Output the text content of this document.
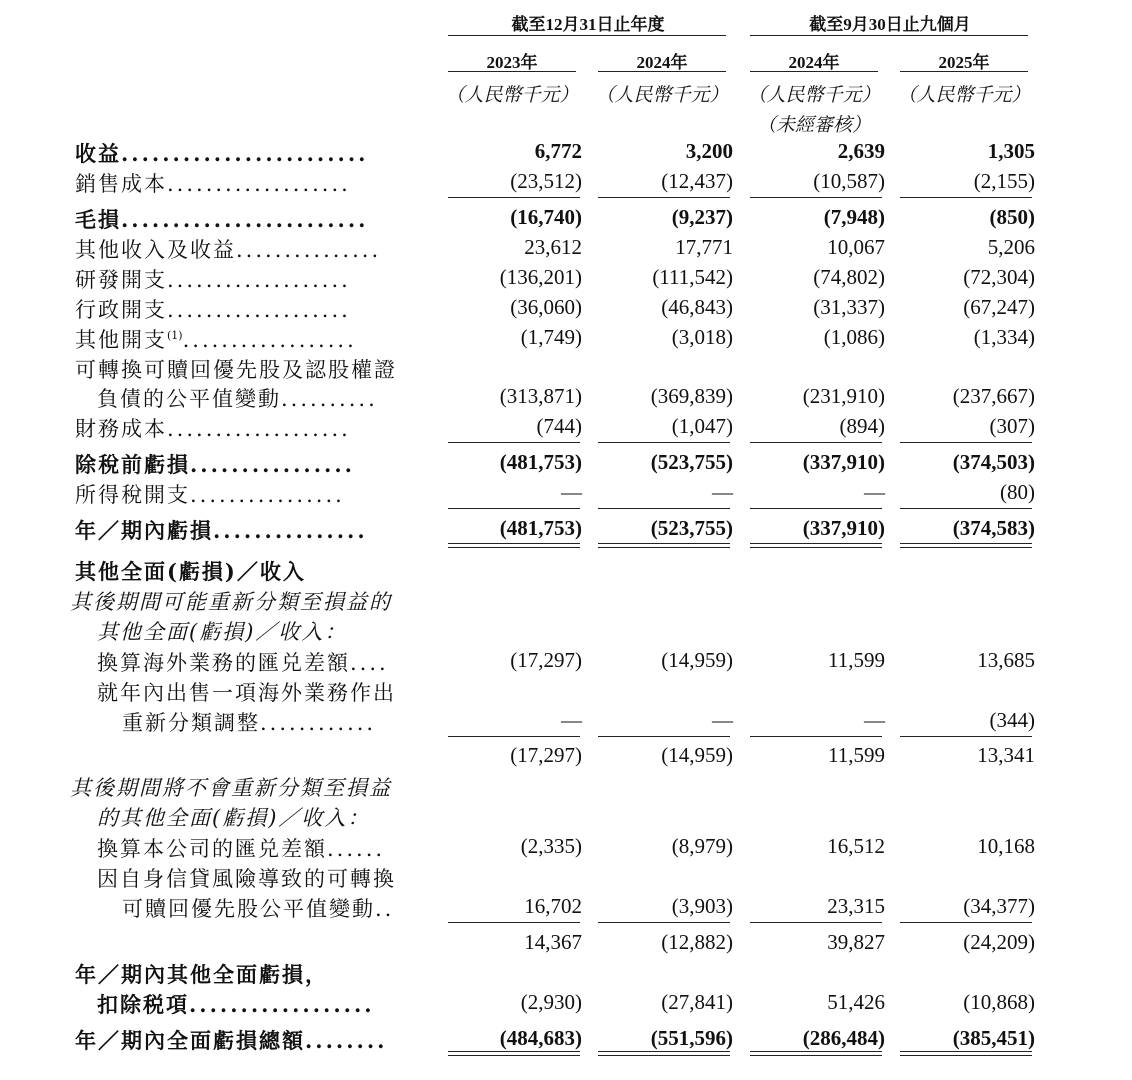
截至12月31日止年度	截至9月30日止九個月
2023年	2024年	2024年	2025年
（人民幣千元） （人民幣千元） （人民幣千元） （人民幣千元）
（未經審核）
收益........................	6,772	3,200	2,639	1,305
銷售成本...................	(23,512)	(12,437)	(10,587)	(2,155)
毛損........................	(16,740)	(9,237)	(7,948)	(850)
其他收入及收益...............	23,612	17,771	10,067	5,206
研發開支...................	(136,201)	(111,542)	(74,802)	(72,304)
行政開支...................	(36,060)	(46,843)	(31,337)	(67,247)
其他開支$^{(1)}$..................	(1,749)	(3,018)	(1,086)	(1,334)
可轉換可贖回優先股及認股權證
負債的公平值變動..........	(313,871)	(369,839)	(231,910)	(237,667)
財務成本...................	(744)	(1,047)	(894)	(307)
除稅前虧損................	(481,753)	(523,755)	(337,910)	(374,503)
所得稅開支................	—	—	—	(80)
年／期內虧損...............	(481,753)	(523,755)	(337,910)	(374,583)
其他全面(虧損)／收入
其後期間可能重新分類至損益的
其他全面(虧損)／收入：
換算海外業務的匯兑差額....	(17,297)	(14,959)	11,599	13,685
就年內出售一項海外業務作出
重新分類調整............	—	—	—	(344)
(17,297)	(14,959)	11,599	13,341
其後期間將不會重新分類至損益
的其他全面(虧損)／收入：
換算本公司的匯兑差額......	(2,335)	(8,979)	16,512	10,168
因自身信貸風險導致的可轉換
可贖回優先股公平值變動..	16,702	(3,903)	23,315	(34,377)
14,367	(12,882)	39,827	(24,209)
年／期內其他全面虧損，
扣除税項..................	(2,930)	(27,841)	51,426	(10,868)
年／期內全面虧損總額........	(484,683)	(551,596)	(286,484)	(385,451)
